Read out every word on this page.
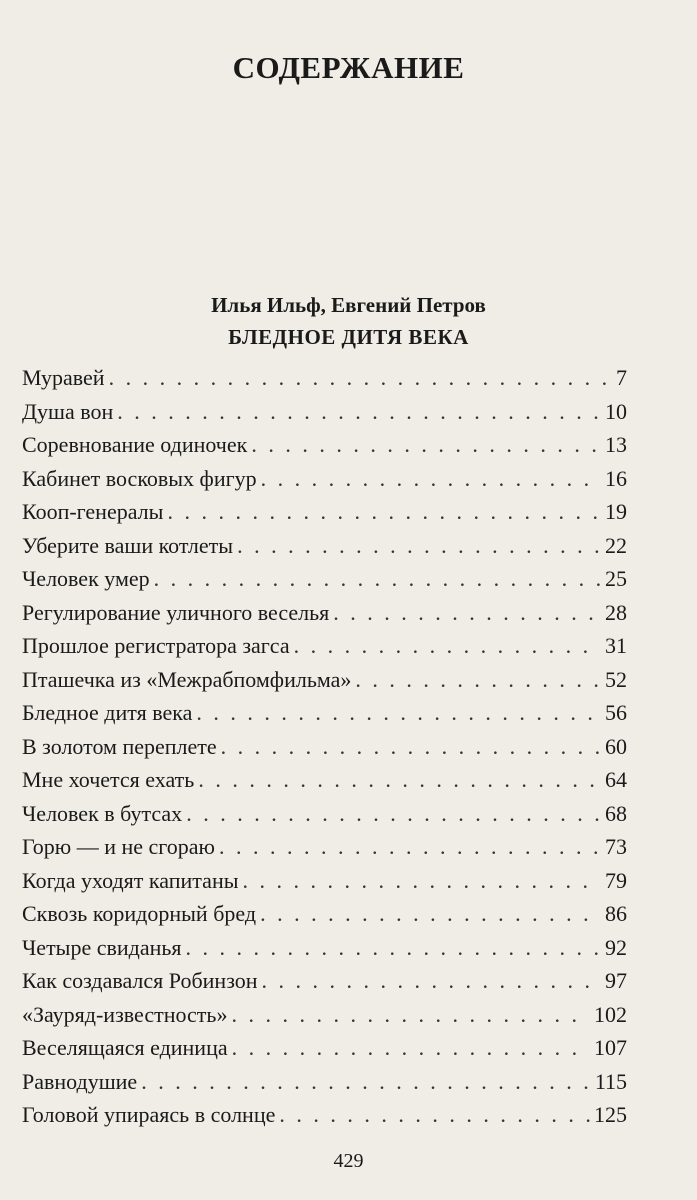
СОДЕРЖАНИЕ
Илья Ильф, Евгений Петров
БЛЕДНОЕ ДИТЯ ВЕКА
Муравей . . .	7
Душа вон . . .	10
Соревнование одиночек . . .	13
Кабинет восковых фигур . . .	16
Кооп-генералы . . .	19
Уберите ваши котлеты . . .	22
Человек умер . . .	25
Регулирование уличного веселья . . .	28
Прошлое регистратора загса . . .	31
Пташечка из «Межрабпомфильма» . . .	52
Бледное дитя века . . .	56
В золотом переплете . . .	60
Мне хочется ехать . . .	64
Человек в бутсах . . .	68
Горю — и не сгораю . . .	73
Когда уходят капитаны . . .	79
Сквозь коридорный бред . . .	86
Четыре свиданья . . .	92
Как создавался Робинзон . . .	97
«Зауряд-известность» . . .	102
Веселящаяся единица . . .	107
Равнодушие . . .	115
Головой упираясь в солнце . . .	125
429
